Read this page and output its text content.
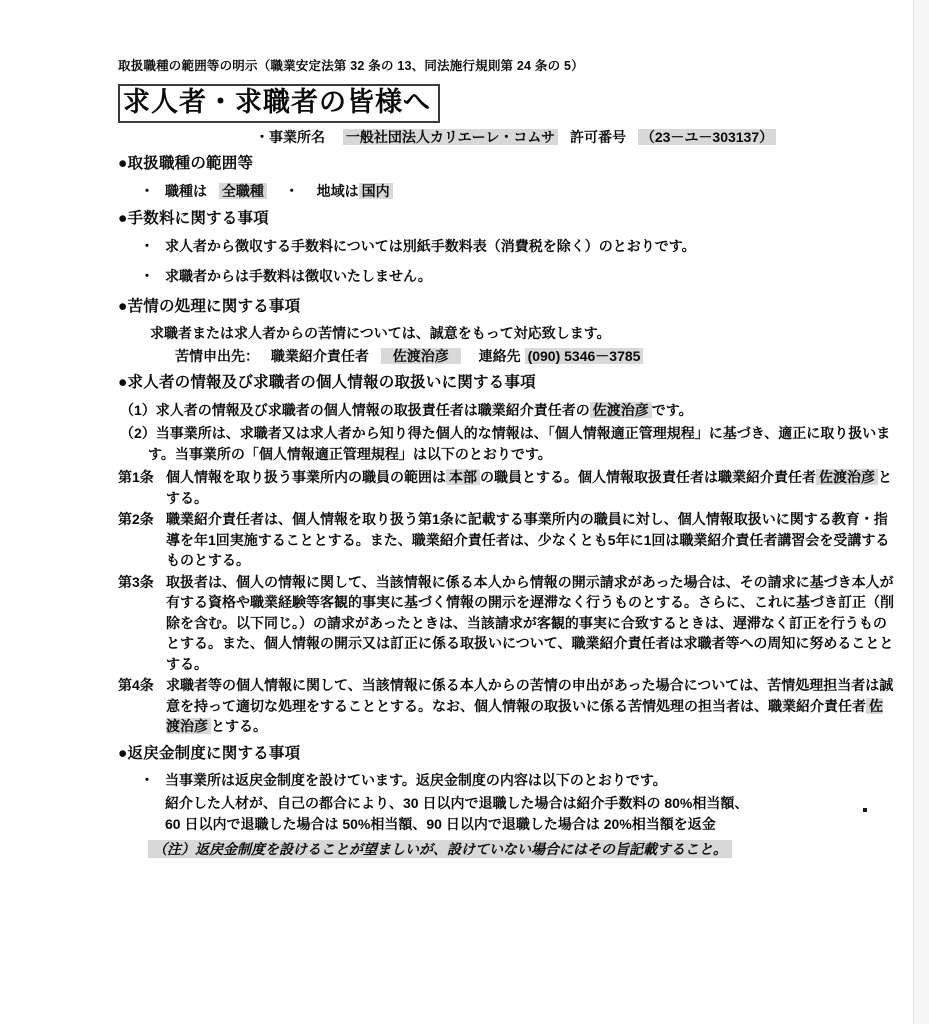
取扱職種の範囲等の明示（職業安定法第 32 条の 13、同法施行規則第 24 条の 5）
求人者・求職者の皆様へ
・事業所名 一般社団法人カリエーレ・コムサ 許可番号 （23－ユ－303137）
●取扱職種の範囲等
・ 職種は 全職種 ・ 地域は 国内
●手数料に関する事項
・ 求人者から徴収する手数料については別紙手数料表（消費税を除く）のとおりです。
・ 求職者からは手数料は徴収いたしません。
●苦情の処理に関する事項
求職者または求人者からの苦情については、誠意をもって対応致します。
苦情申出先： 職業紹介責任者 佐渡治彦 連絡先 (090) 5346－3785
●求人者の情報及び求職者の個人情報の取扱いに関する事項
（1）求人者の情報及び求職者の個人情報の取扱責任者は職業紹介責任者の 佐渡治彦 です。
（2）当事業所は、求職者又は求人者から知り得た個人的な情報は、「個人情報適正管理規程」に基づき、適正に取り扱います。当事業所の「個人情報適正管理規程」は以下のとおりです。
第1条 個人情報を取り扱う事業所内の職員の範囲は 本部 の職員とする。個人情報取扱責任者は職業紹介責任者 佐渡治彦 とする。
第2条 職業紹介責任者は、個人情報を取り扱う第1条に記載する事業所内の職員に対し、個人情報取扱いに関する教育・指導を年1回実施することとする。また、職業紹介責任者は、少なくとも5年に1回は職業紹介責任者講習会を受講するものとする。
第3条 取扱者は、個人の情報に関して、当該情報に係る本人から情報の開示請求があった場合は、その請求に基づき本人が有する資格や職業経験等客観的事実に基づく情報の開示を遅滞なく行うものとする。さらに、これに基づき訂正（削除を含む。以下同じ。）の請求があったときは、当該請求が客観的事実に合致するときは、遅滞なく訂正を行うものとする。また、個人情報の開示又は訂正に係る取扱いについて、職業紹介責任者は求職者等への周知に努めることとする。
第4条 求職者等の個人情報に関して、当該情報に係る本人からの苦情の申出があった場合については、苦情処理担当者は誠意を持って適切な処理をすることとする。なお、個人情報の取扱いに係る苦情処理の担当者は、職業紹介責任者 佐渡治彦 とする。
●返戻金制度に関する事項
・ 当事業所は返戻金制度を設けています。返戻金制度の内容は以下のとおりです。
紹介した人材が、自己の都合により、30 日以内で退職した場合は紹介手数料の 80%相当額、
60 日以内で退職した場合は 50%相当額、90 日以内で退職した場合は 20%相当額を返金
（注）返戻金制度を設けることが望ましいが、設けていない場合にはその旨記載すること。
